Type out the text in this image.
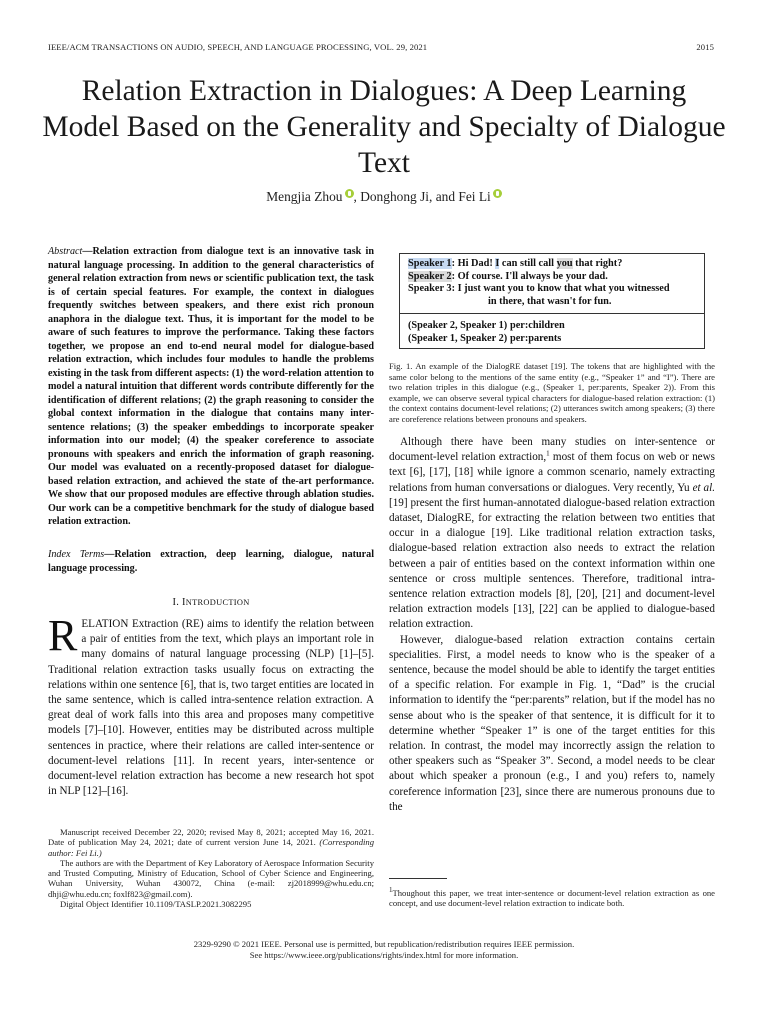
IEEE/ACM TRANSACTIONS ON AUDIO, SPEECH, AND LANGUAGE PROCESSING, VOL. 29, 2021	2015
Relation Extraction in Dialogues: A Deep Learning Model Based on the Generality and Specialty of Dialogue Text
Mengjia Zhou , Donghong Ji, and Fei Li
Abstract—Relation extraction from dialogue text is an innovative task in natural language processing. In addition to the general characteristics of general relation extraction from news or scientific publication text, the task is of certain special features. For example, the context in dialogues frequently switches between speakers, and there exist rich pronoun anaphora in the dialogue text. Thus, it is important for the model to be aware of such features to improve the performance. Taking these factors together, we propose an end to-end neural model for dialogue-based relation extraction, which includes four modules to handle the problems existing in the task from different aspects: (1) the word-relation attention to model a natural intuition that different words contribute differently for the identification of different relations; (2) the graph reasoning to consider the global context information in the dialogue that contains many inter-sentence relations; (3) the speaker embeddings to incorporate speaker information into our model; (4) the speaker coreference to associate pronouns with speakers and enrich the information of graph reasoning. Our model was evaluated on a recently-proposed dataset for dialogue-based relation extraction, and achieved the state of the-art performance. We show that our proposed modules are effective through ablation studies. Our work can be a competitive benchmark for the study of dialogue based relation extraction.
Index Terms—Relation extraction, deep learning, dialogue, natural language processing.
I. INTRODUCTION
RELATION Extraction (RE) aims to identify the relation between a pair of entities from the text, which plays an important role in many domains of natural language processing (NLP) [1]–[5]. Traditional relation extraction tasks usually focus on extracting the relations within one sentence [6], that is, two target entities are located in the same sentence, which is called intra-sentence relation extraction. A great deal of work falls into this area and proposes many competitive models [7]–[10]. However, entities may be distributed across multiple sentences in practice, where their relations are called inter-sentence or document-level relations [11]. In recent years, inter-sentence or document-level relation extraction has become a new research hot spot in NLP [12]–[16].

Manuscript received December 22, 2020; revised May 8, 2021; accepted May 16, 2021. Date of publication May 24, 2021; date of current version June 14, 2021. (Corresponding author: Fei Li.)

The authors are with the Department of Key Laboratory of Aerospace Information Security and Trusted Computing, Ministry of Education, School of Cyber Science and Engineering, Wuhan University, Wuhan 430072, China (e-mail: zj2018999@whu.edu.cn; dhji@whu.edu.cn; foxlf823@gmail.com).

Digital Object Identifier 10.1109/TASLP.2021.3082295

Speaker 1: Hi Dad! I can still call you that right?
Speaker 2: Of course. I'll always be your dad.
Speaker 3: I just want you to know that what you witnessed
in there, that wasn't for fun.
(Speaker 2, Speaker 1) per:children
(Speaker 1, Speaker 2) per:parents
Fig. 1. An example of the DialogRE dataset [19]. The tokens that are highlighted with the same color belong to the mentions of the same entity (e.g., “Speaker 1” and “I”). There are two relation triples in this dialogue (e.g., (Speaker 1, per:parents, Speaker 2)). From this example, we can observe several typical characters for dialogue-based relation extraction: (1) the context contains document-level relations; (2) utterances switch among speakers; (3) there are coreference relations between pronouns and speakers.

Although there have been many studies on inter-sentence or document-level relation extraction,$^1$ most of them focus on web or news text [6], [17], [18] while ignore a common scenario, namely extracting relations from human conversations or dialogues. Very recently, Yu et al. [19] present the first human-annotated dialogue-based relation extraction dataset, DialogRE, for extracting the relation between two entities that occur in a dialogue [19]. Like traditional relation extraction tasks, dialogue-based relation extraction also needs to extract the relation between a pair of entities based on the context information within one sentence or cross multiple sentences. Therefore, traditional intra-sentence relation extraction models [8], [20], [21] and document-level relation extraction models [13], [22] can be applied to dialogue-based relation extraction.

However, dialogue-based relation extraction contains certain specialities. First, a model needs to know who is the speaker of a sentence, because the model should be able to identify the target entities of a specific relation. For example in Fig. 1, “Dad” is the crucial information to identify the “per:parents” relation, but if the model has no sense about who is the speaker of that sentence, it is difficult for it to determine whether “Speaker 1” is one of the target entities for this relation. In contrast, the model may incorrectly assign the relation to other speakers such as “Speaker 3”. Second, a model needs to be clear about which speaker a pronoun (e.g., I and you) refers to, namely coreference information [23], since there are numerous pronouns due to the

$^1$Thoughout this paper, we treat inter-sentence or document-level relation extraction as one concept, and use document-level relation extraction to indicate both.
2329-9290 © 2021 IEEE. Personal use is permitted, but republication/redistribution requires IEEE permission.
See https://www.ieee.org/publications/rights/index.html for more information.
